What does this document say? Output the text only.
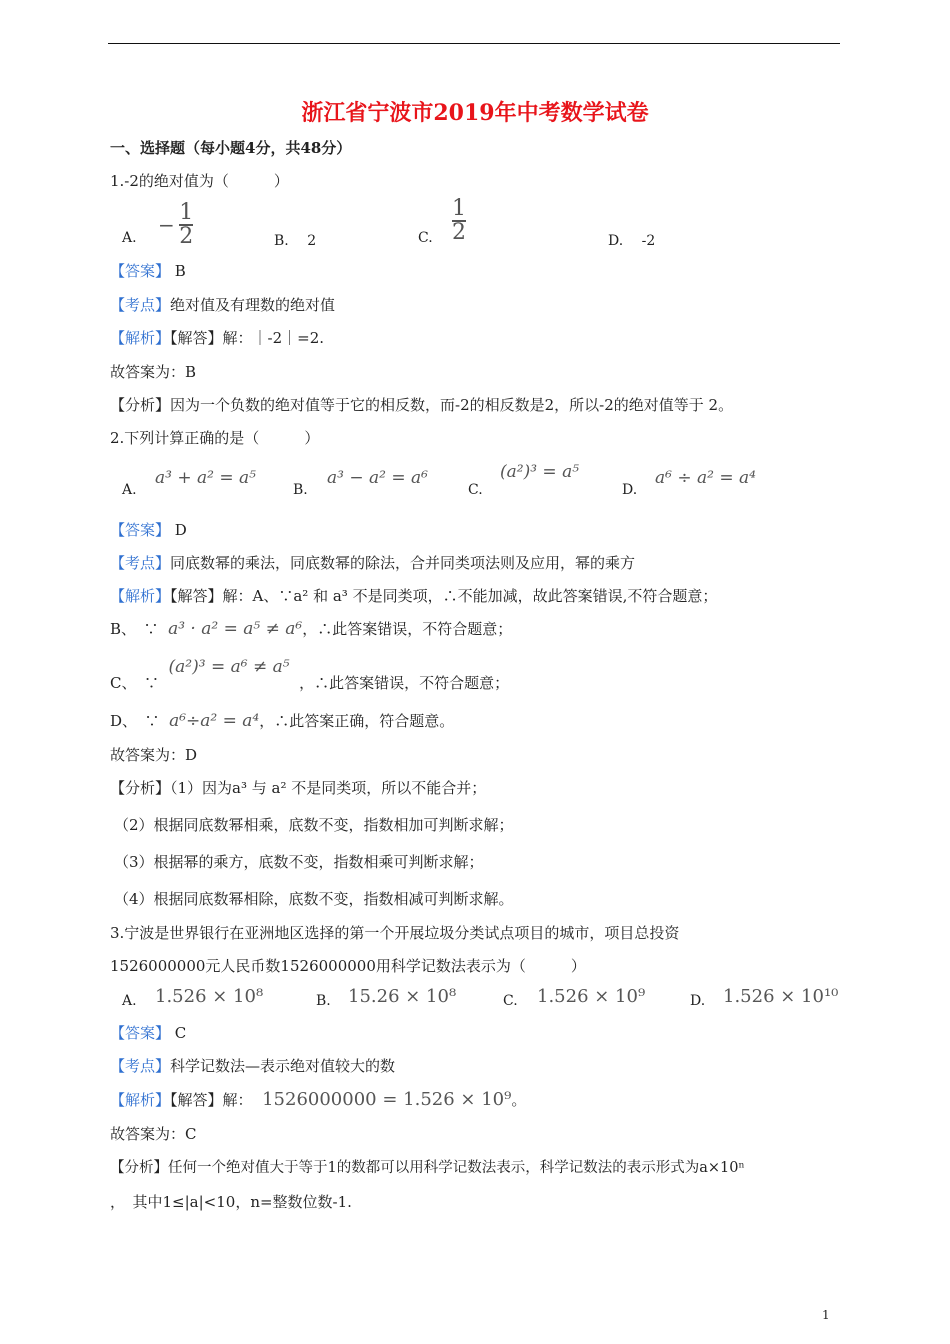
浙江省宁波市2019年中考数学试卷
一、选择题（每小题4分，共48分）
1.-2的绝对值为（　　　）
A.
− $\frac{1}{2}$	B.　 2	C. $\frac{1}{2}$	D.　 -2
【答案】 B
【考点】绝对值及有理数的绝对值
【解析】【解答】解：｜-2｜=2.
故答案为：B
【分析】因为一个负数的绝对值等于它的相反数，而-2的相反数是2，所以-2的绝对值等于 2。
2.下列计算正确的是（　　　）
A.
a³ + a² = a⁵
B.
a³ − a² = a⁶
C.
(a²)³ = a⁵
D.
a⁶ ÷ a² = a⁴
【答案】 D
【考点】同底数幂的乘法，同底数幂的除法，合并同类项法则及应用，幂的乘方
【解析】【解答】解：A、∵a² 和 a³ 不是同类项，∴不能加减，故此答案错误,不符合题意；
B、　∵ a³ · a² = a⁵ ≠ a⁶，∴此答案错误，不符合题意；
C、　∵  (a²)³ = a⁶ ≠ a⁵  ，∴此答案错误，不符合题意；
D、　∵ a⁶÷a² = a⁴，∴此答案正确，符合题意。
故答案为：D
【分析】（1）因为a³ 与 a² 不是同类项，所以不能合并；
（2）根据同底数幂相乘，底数不变，指数相加可判断求解；
（3）根据幂的乘方，底数不变，指数相乘可判断求解；
（4）根据同底数幂相除，底数不变，指数相减可判断求解。
3.宁波是世界银行在亚洲地区选择的第一个开展垃圾分类试点项目的城市，项目总投资
1526000000元人民币数1526000000用科学记数法表示为（　　　）
A. 1.526 × 10⁸	B. 15.26 × 10⁸	C. 1.526 × 10⁹	D. 1.526 × 10¹⁰
【答案】 C
【考点】科学记数法—表示绝对值较大的数
【解析】【解答】解： 1526000000 = 1.526 × 10⁹。
故答案为：C
【分析】任何一个绝对值大于等于1的数都可以用科学记数法表示，科学记数法的表示形式为a×10ⁿ
，　其中1≤|a|<10，n=整数位数-1.
1
